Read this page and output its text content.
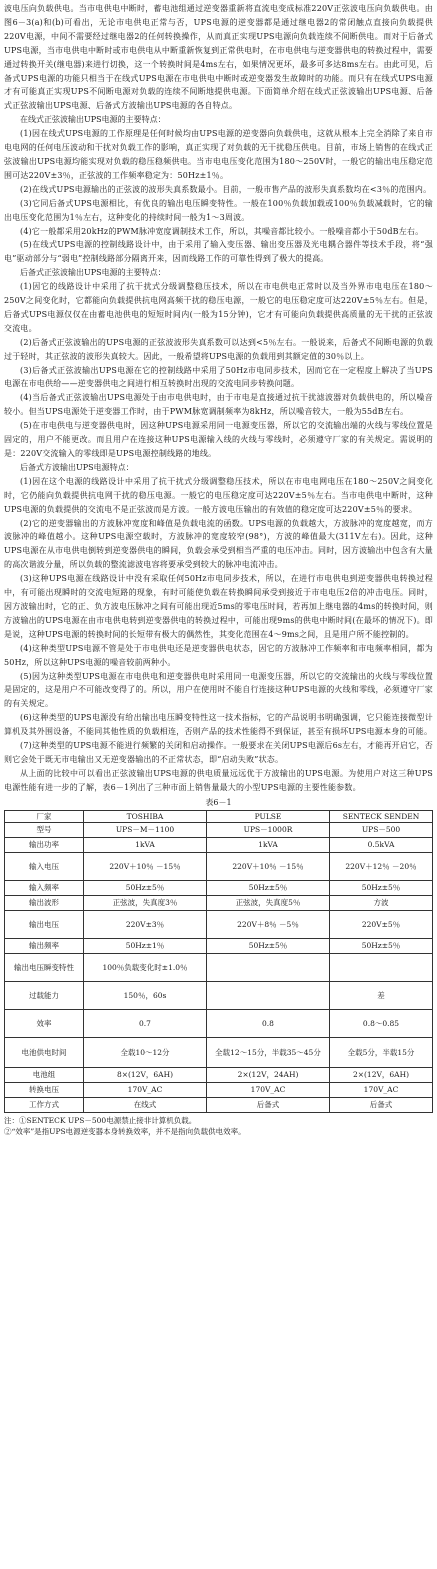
波电压向负载供电。当市电供电中断时，蓄电池组通过逆变器重新将直流电变成标准220V正弦波电压向负载供电。由图6－3(a)和(b)可看出，无论市电供电正常与否，UPS电源的逆变器都是通过继电器2的常闭触点直接向负载提供220V电源，中间不需要经过继电器2的任何转换操作，从而真正实现UPS电源向负载连续不间断供电。而对于后备式UPS电源，当市电供电中断时或市电供电从中断重新恢复到正常供电时，在市电供电与逆变器供电的转换过程中，需要通过转换开关(继电器)来进行切换，这一个转换时间是4ms左右，如果情况更坏，最多可多达8ms左右。由此可见，后备式UPS电源的功能只相当于在线式UPS电源在市电供电中断时或逆变器发生故障时的功能。而只有在线式UPS电源才有可能真正实现UPS不间断电源对负载的连续不间断地提供电源。下面简单介绍在线式正弦波输出UPS电源、后备式正弦波输出UPS电源、后备式方波输出UPS电源的各自特点。

在线式正弦波输出UPS电源的主要特点：

(1)因在线式UPS电源的工作原理是任何时候均由UPS电源的逆变器向负载供电，这就从根本上完全消除了来自市电电网的任何电压波动和干扰对负载工作的影响，真正实现了对负载的无干扰稳压供电。目前，市场上销售的在线式正弦波输出UPS电源均能实现对负载的稳压稳频供电。当市电电压变化范围为180～250V时，一般它的输出电压稳定范围可达220V±3％，正弦波的工作频率稳定为：50Hz±1％。

(2)在线式UPS电源输出的正弦波的波形失真系数最小。目前，一般市售产品的波形失真系数均在<3％的范围内。

(3)它同后备式UPS电源相比，有优良的输出电压瞬变特性。一般在100％负载加载或100％负载减载时，它的输出电压变化范围为1％左右，这种变化的持续时间一般为1～3周波。

(4)它一般都采用20kHz的PWM脉冲宽度调制技术工作，所以，其噪音都比较小。一般噪音都小于50dB左右。

(5)在线式UPS电源的控制线路设计中，由于采用了输入变压器、输出变压器及光电耦合器件等技术手段，将“强电”驱动部分与“弱电”控制线路部分隔离开来，因而线路工作的可靠性得到了极大的提高。

后备式正弦波输出UPS电源的主要特点：

(1)因它的线路设计中采用了抗干扰式分级调整稳压技术，所以在市电供电正常时以及当外界市电电压在180～250V之间变化时，它都能向负载提供抗电网高频干扰的稳压电源，一般它的电压稳定度可达220V±5％左右。但是，后备式UPS电源仅仅在由蓄电池供电的短短时间内(一般为15分钟)，它才有可能向负载提供高质量的无干扰的正弦波交流电。

(2)后备式正弦波输出的UPS电源的正弦波波形失真系数可以达到<5％左右。一般说来，后备式不间断电源的负载过于轻时，其正弦波的波形失真较大。因此，一般希望将UPS电源的负载用到其额定值的30％以上。

(3)后备式正弦波输出UPS电源在它的控制线路中采用了50Hz市电同步技术，因而它在一定程度上解决了当UPS电源在市电供给——逆变器供电之间进行相互转换时出现的交流电同步转换问题。

(4)当后备式正弦波输出UPS电源处于由市电供电时，由于市电是直接通过抗干扰滤波器对负载供电的，所以噪音较小。但当UPS电源处于逆变器工作时，由于PWM脉宽调制频率为8kHz，所以噪音较大，一般为55dB左右。

(5)在市电供电与逆变器供电时，因这种UPS电源采用同一电源变压器，所以它的交流输出端的火线与零线位置是固定的，用户不能更改。而且用户在连接这种UPS电源输入线的火线与零线时，必须遵守厂家的有关规定。需说明的是：220V交流输入的零线即是UPS电源控制线路的地线。

后备式方波输出UPS电源特点：

(1)因在这个电源的线路设计中采用了抗干扰式分级调整稳压技术，所以在市电电网电压在180～250V之间变化时，它仍能向负载提供抗电网干扰的稳压电源。一般它的电压稳定度可达220V±5％左右。当市电供电中断时，这种UPS电源的负载提供的交流电不是正弦波而是方波。一般方波电压输出的有效值的稳定度可达220V±5％的要求。

(2)它的逆变器输出的方波脉冲宽度和峰值是负载电流的函数。UPS电源的负载越大，方波脉冲的宽度越宽，而方波脉冲的峰值越小。这种UPS电源空载时，方波脉冲的宽度较窄(98°)，方波的峰值最大(311V左右)。因此，这种UPS电源在从市电供电倒转到逆变器供电的瞬间，负载会承受到相当严重的电压冲击。同时，因方波输出中包含有大量的高次谐波分量，所以负载的整流滤波电容将要承受到较大的脉冲电流冲击。

(3)这种UPS电源在线路设计中没有采取任何50Hz市电同步技术，所以，在进行市电供电到逆变器供电转换过程中，有可能出现瞬时的交流电短路的现象，有时可能使负载在转换瞬间承受到接近于市电电压2倍的冲击电压。同时，因方波输出时，它的正、负方波电压脉冲之间有可能出现近5ms的零电压时间，若再加上继电器的4ms的转换时间，则方波输出的UPS电源在由市电供电转到逆变器供电的转换过程中，可能出现9ms的供电中断时间(在最坏的情况下)。即是说，这种UPS电源的转换时间的长短带有极大的偶然性，其变化范围在4～9ms之间，且是用户所不能控制的。

(4)这种类型UPS电源不管是处于市电供电还是逆变器供电状态，因它的方波脉冲工作频率和市电频率相同，都为50Hz，所以这种UPS电源的噪音较前两种小。

(5)因为这种类型UPS电源在市电供电和逆变器供电时采用同一电源变压器，所以它的交流输出的火线与零线位置是固定的，这是用户不可能改变得了的。所以，用户在使用时不能自行连接这种UPS电源的火线和零线，必须遵守厂家的有关规定。

(6)这种类型的UPS电源没有给出输出电压瞬变特性这一技术指标，它的产品说明书明确强调，它只能连接微型计算机及其外围设备，不能同其他性质的负载相连，否则产品的技术性能得不到保证，甚至有损坏UPS电源本身的可能。

(7)这种类型的UPS电源不能进行频繁的关闭和启动操作。一般要求在关闭UPS电源后6s左右，才能再开启它，否则它会处于既无市电输出又无逆变器输出的不正常状态，即“启动失败”状态。

从上面的比较中可以看出正弦波输出UPS电源的供电质量远远优于方波输出的UPS电源。为使用户对这三种UPS电源性能有进一步的了解，表6－1列出了三种市面上销售量最大的小型UPS电源的主要性能参数。

表6－1
厂家	TOSHIBA	PULSE	SENTECK SENDEN
型号	UPS－M－1100	UPS－1000R	UPS－500
输出功率	1kVA	1kVA	0.5kVA
输入电压	220V＋10％ －15％	220V＋10％ －15％	220V＋12％ －20％
输入频率	50Hz±5％	50Hz±5％	50Hz±5％
输出波形	正弦波，失真度3％	正弦波，失真度5％	方波
输出电压	220V±3％	220V＋8％ －5％	220V±5％
输出频率	50Hz±1％	50Hz±5％	50Hz±5％
输出电压瞬变特性	100％负载变化时±1.0％		
过载能力	150％，60s		差
效率	0.7	0.8	0.8～0.85
电池供电时间	全载10～12分	全载12～15分，半载35～45分	全载5分，半载15分
电池组	8×(12V，6AH)	2×(12V，24AH)	2×(12V，6AH)
转换电压	170V_AC	170V_AC	170V_AC
工作方式	在线式	后备式	后备式
注：①SENTECK UPS－500电源禁止接非计算机负载。
②“效率”是指UPS电源逆变器本身转换效率，并不是指向负载供电效率。
